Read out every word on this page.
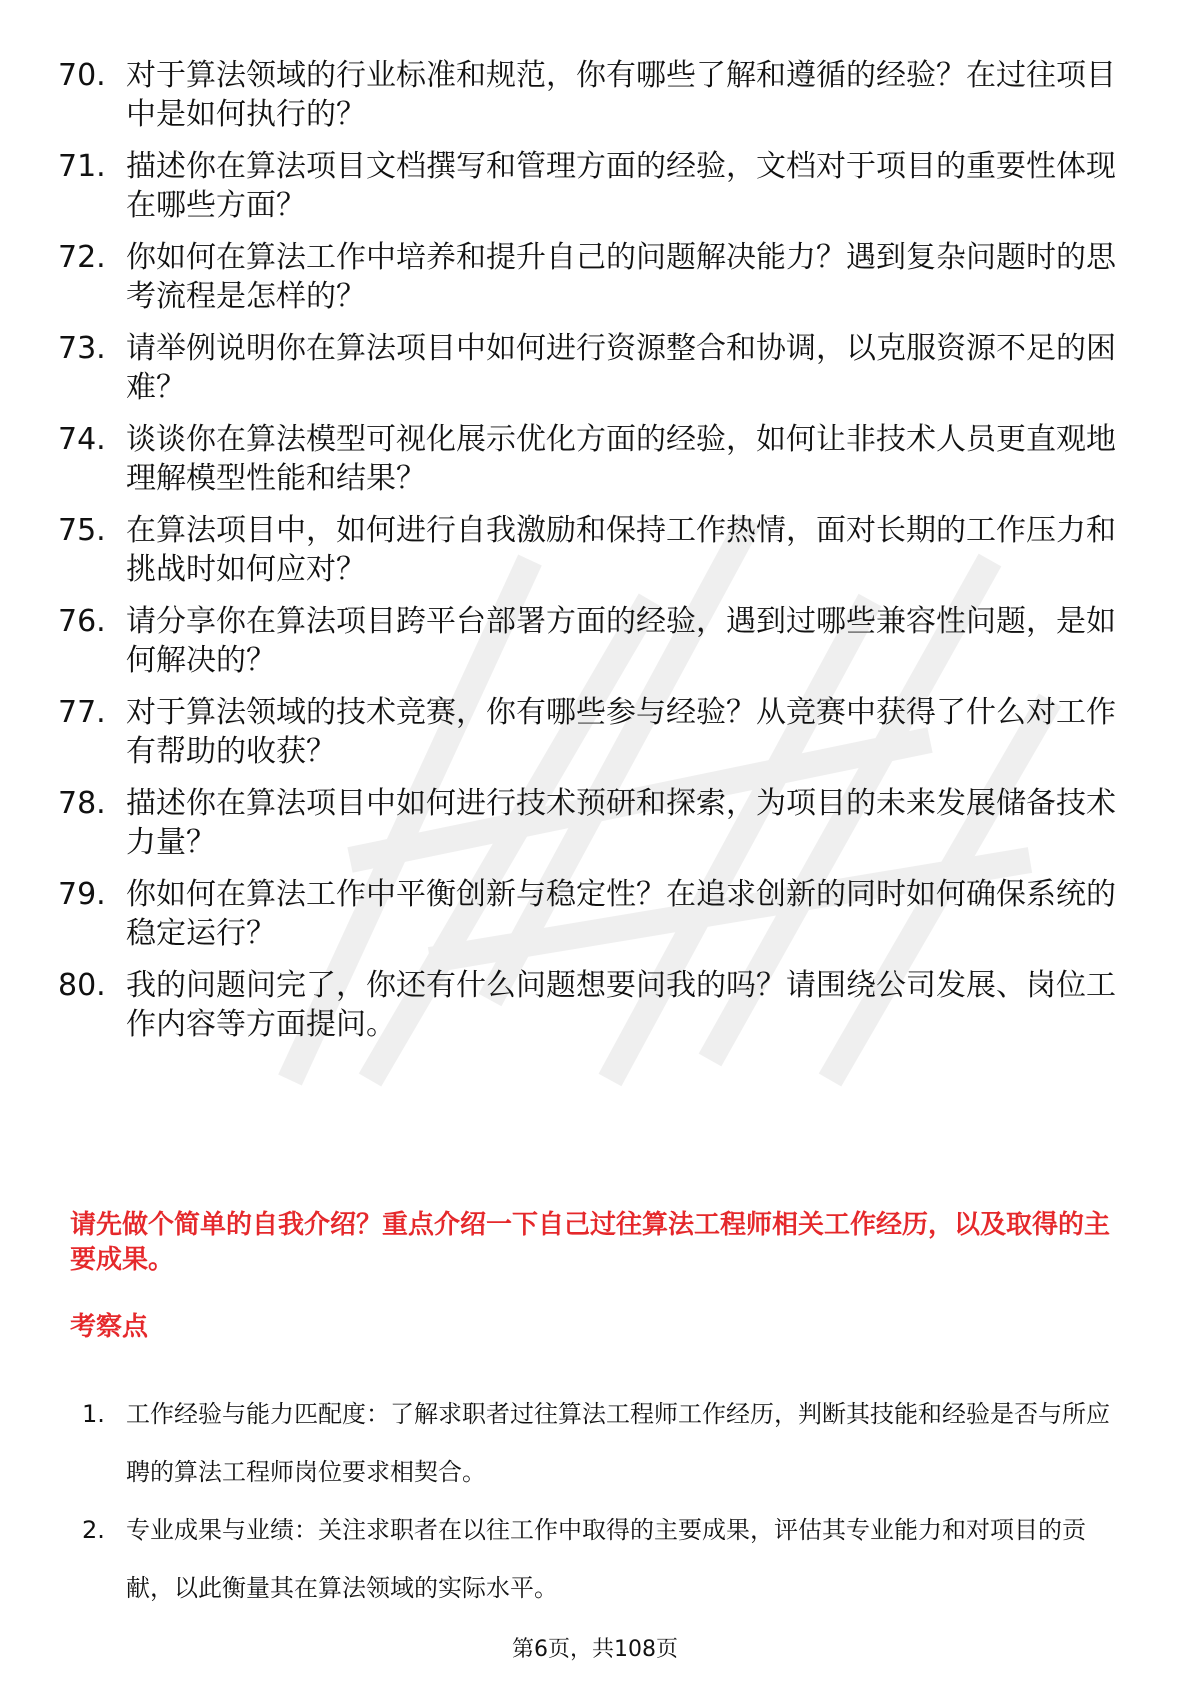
70. 对于算法领域的行业标准和规范，你有哪些了解和遵循的经验？在过往项目中是如何执行的？
71. 描述你在算法项目文档撰写和管理方面的经验，文档对于项目的重要性体现在哪些方面？
72. 你如何在算法工作中培养和提升自己的问题解决能力？遇到复杂问题时的思考流程是怎样的？
73. 请举例说明你在算法项目中如何进行资源整合和协调，以克服资源不足的困难？
74. 谈谈你在算法模型可视化展示优化方面的经验，如何让非技术人员更直观地理解模型性能和结果？
75. 在算法项目中，如何进行自我激励和保持工作热情，面对长期的工作压力和挑战时如何应对？
76. 请分享你在算法项目跨平台部署方面的经验，遇到过哪些兼容性问题，是如何解决的？
77. 对于算法领域的技术竞赛，你有哪些参与经验？从竞赛中获得了什么对工作有帮助的收获？
78. 描述你在算法项目中如何进行技术预研和探索，为项目的未来发展储备技术力量？
79. 你如何在算法工作中平衡创新与稳定性？在追求创新的同时如何确保系统的稳定运行？
80. 我的问题问完了，你还有什么问题想要问我的吗？请围绕公司发展、岗位工作内容等方面提问。
请先做个简单的自我介绍？重点介绍一下自己过往算法工程师相关工作经历，以及取得的主要成果。
考察点
1. 工作经验与能力匹配度：了解求职者过往算法工程师工作经历，判断其技能和经验是否与所应聘的算法工程师岗位要求相契合。
2. 专业成果与业绩：关注求职者在以往工作中取得的主要成果，评估其专业能力和对项目的贡献，以此衡量其在算法领域的实际水平。
第6页，共108页
